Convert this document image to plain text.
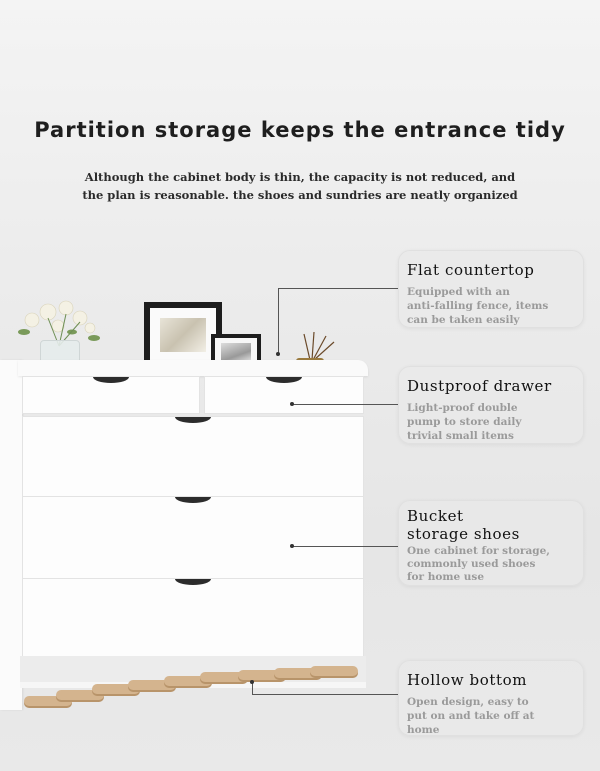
Partition storage keeps the entrance tidy
Although the cabinet body is thin, the capacity is not reduced, and
the plan is reasonable. the shoes and sundries are neatly organized
Flat countertop
Equipped with an
anti-falling fence, items
can be taken easily
Dustproof drawer
Light-proof double
pump to store daily
trivial small items
Bucket
storage shoes
One cabinet for storage,
commonly used shoes
for home use
Hollow bottom
Open design, easy to
put on and take off at
home
